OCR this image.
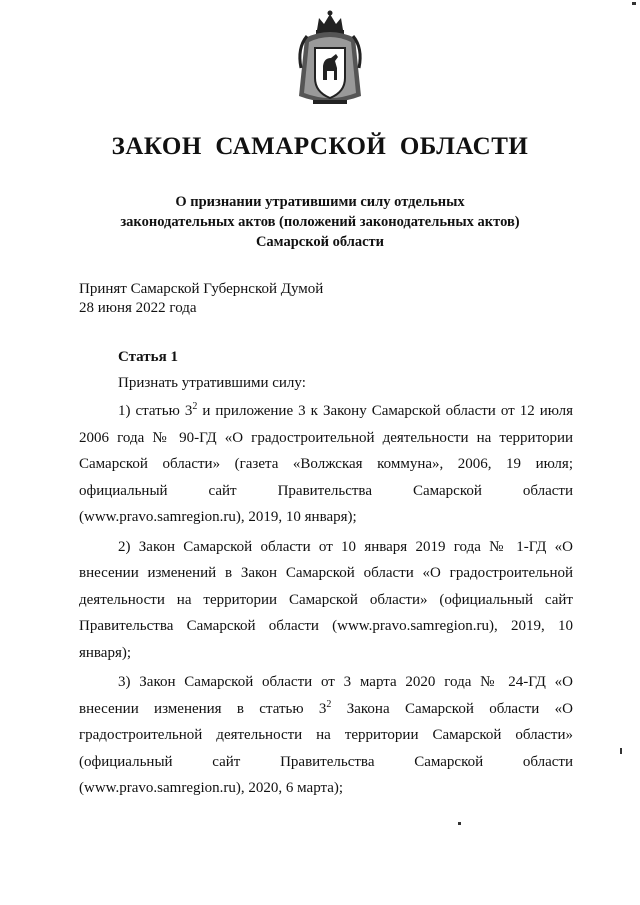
ЗАКОН  САМАРСКОЙ  ОБЛАСТИ
О признании утратившими силу отдельных
законодательных актов (положений законодательных актов)
Самарской области
Принят Самарской Губернской Думой
28 июня 2022 года
Статья 1
Признать утратившими силу:

1) статью $3^2$ и приложение 3 к Закону Самарской области от 12 июля 2006 года № 90-ГД «О градостроительной деятельности на территории Самарской области» (газета «Волжская коммуна», 2006, 19 июля; официальный сайт Правительства Самарской области (www.pravo.samregion.ru), 2019, 10 января);

2) Закон Самарской области от 10 января 2019 года № 1-ГД «О внесении изменений в Закон Самарской области «О градостроительной деятельности на территории Самарской области» (официальный сайт Правительства Самарской области (www.pravo.samregion.ru), 2019, 10 января);

3) Закон Самарской области от 3 марта 2020 года № 24-ГД «О внесении изменения в статью $3^2$ Закона Самарской области «О градостроительной деятельности на территории Самарской области» (официальный сайт Правительства Самарской области (www.pravo.samregion.ru), 2020, 6 марта);
